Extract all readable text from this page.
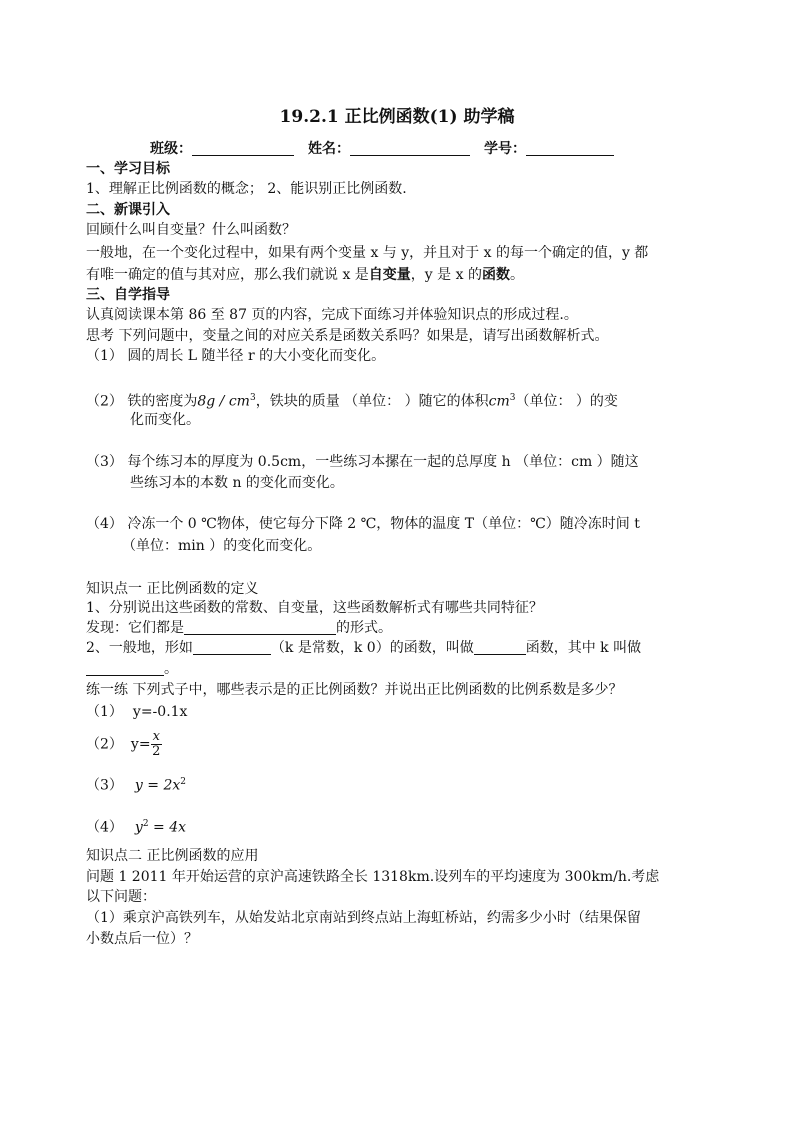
19.2.1 正比例函数(1) 助学稿
班级：	姓名：	学号：
一、学习目标
1、理解正比例函数的概念； 2、能识别正比例函数.
二、新课引入
回顾什么叫自变量？什么叫函数？
一般地，在一个变化过程中，如果有两个变量 x 与 y，并且对于 x 的每一个确定的值，y 都
有唯一确定的值与其对应，那么我们就说 x 是自变量，y 是 x 的函数。
三、自学指导
认真阅读课本第 86 至 87 页的内容，完成下面练习并体验知识点的形成过程.。
思考 下列问题中，变量之间的对应关系是函数关系吗？如果是，请写出函数解析式。
（1） 圆的周长 L 随半径 r 的大小变化而变化。
（2） 铁的密度为$8g / cm^3$，铁块的质量 （单位： ）随它的体积$cm^3$（单位： ）的变
化而变化。
（3） 每个练习本的厚度为 0.5cm，一些练习本摞在一起的总厚度 h （单位：cm ）随这
些练习本的本数 n 的变化而变化。
（4） 冷冻一个 0 ℃物体，使它每分下降 2 ℃，物体的温度 T（单位：℃）随冷冻时间 t
（单位：min ）的变化而变化。
知识点一 正比例函数的定义
1、分别说出这些函数的常数、自变量，这些函数解析式有哪些共同特征？
发现：它们都是	的形式。
2、一般地，形如	（k 是常数，k 0）的函数，叫做	函数，其中 k 叫做
。
练一练 下列式子中，哪些表示是的正比例函数？并说出正比例函数的比例系数是多少？
（1） y=-0.1x
（2） $y= \frac{x}{2}$
（3） $y = 2x^2$
（4） $y^2 = 4x$
知识点二 正比例函数的应用
问题 1 2011 年开始运营的京沪高速铁路全长 1318km.设列车的平均速度为 300km/h.考虑
以下问题：
（1）乘京沪高铁列车，从始发站北京南站到终点站上海虹桥站，约需多少小时（结果保留
小数点后一位）？
